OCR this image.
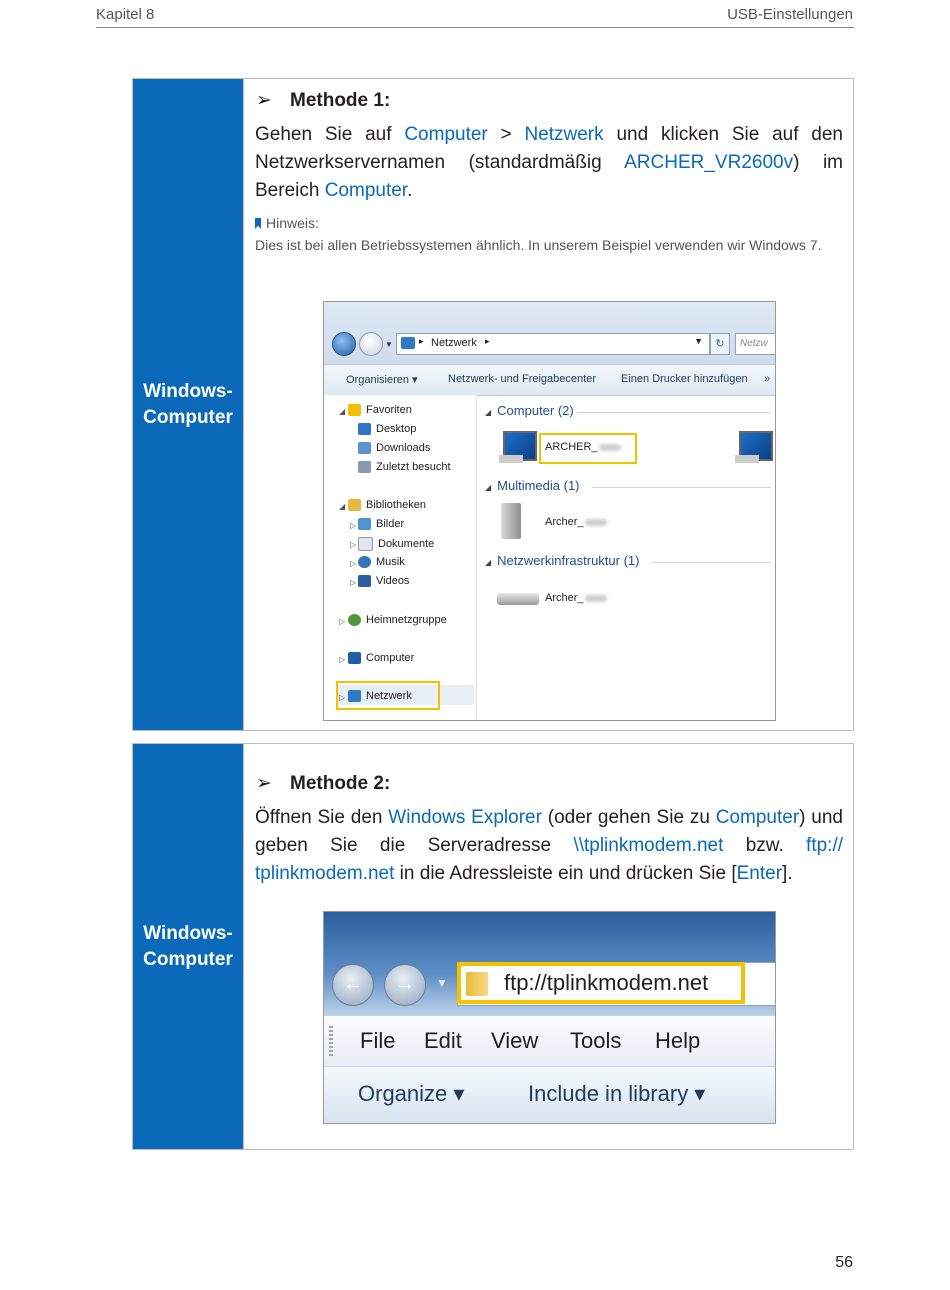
Kapitel 8	USB-Einstellungen
Windows-
Computer
➢ Methode 1:
Gehen Sie auf Computer > Netzwerk und klicken Sie auf den Netzwerkservernamen (standardmäßig ARCHER_VR2600v) im Bereich Computer.
Hinweis:
Dies ist bei allen Betriebssystemen ähnlich. In unserem Beispiel verwenden wir Windows 7.
▼	▸ Netzwerk ▸	▼	↻	Netzw
Organisieren ▾	Netzwerk- und Freigabecenter Einen Drucker hinzufügen »
◢ Favoriten
Desktop
Downloads
Zuletzt besucht
◢ Bibliotheken
▷ Bilder
▷ Dokumente
▷ Musik
▷ Videos
▷ Heimnetzgruppe
▷ Computer
▷ Netzwerk
◢ Computer (2)
ARCHER_
◢ Multimedia (1)
Archer_
◢ Netzwerkinfrastruktur (1)
Archer_
Windows-
Computer
➢ Methode 2:
Öffnen Sie den Windows Explorer (oder gehen Sie zu Computer) und geben Sie die Serveradresse \\tplinkmodem.net bzw. ftp:// tplinkmodem.net in die Adressleiste ein und drücken Sie [Enter].
←	→	▼	ftp://tplinkmodem.net
File Edit View Tools Help
Organize ▾	Include in library ▾
56
